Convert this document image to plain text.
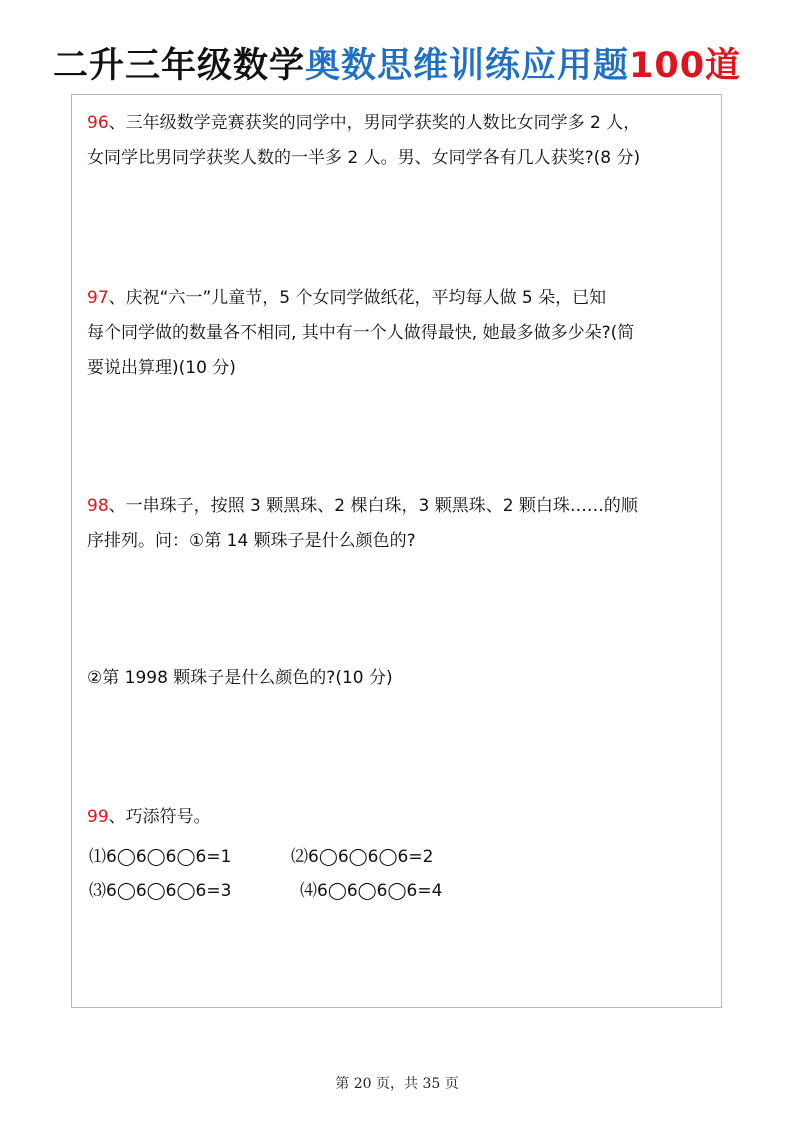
二升三年级数学奥数思维训练应用题100道
96、三年级数学竞赛获奖的同学中，男同学获奖的人数比女同学多 2 人，
女同学比男同学获奖人数的一半多 2 人。男、女同学各有几人获奖?(8 分)
97、庆祝“六一”儿童节，5 个女同学做纸花，平均每人做 5 朵，已知
每个同学做的数量各不相同, 其中有一个人做得最快, 她最多做多少朵?(简
要说出算理)(10 分)
98、一串珠子，按照 3 颗黑珠、2 棵白珠，3 颗黑珠、2 颗白珠……的顺
序排列。问：①第 14 颗珠子是什么颜色的?
②第 1998 颗珠子是什么颜色的?(10 分)
99、巧添符号。
⑴6◯6◯6◯6=1	⑵6◯6◯6◯6=2
⑶6◯6◯6◯6=3	⑷6◯6◯6◯6=4
第 20 页，共 35 页
